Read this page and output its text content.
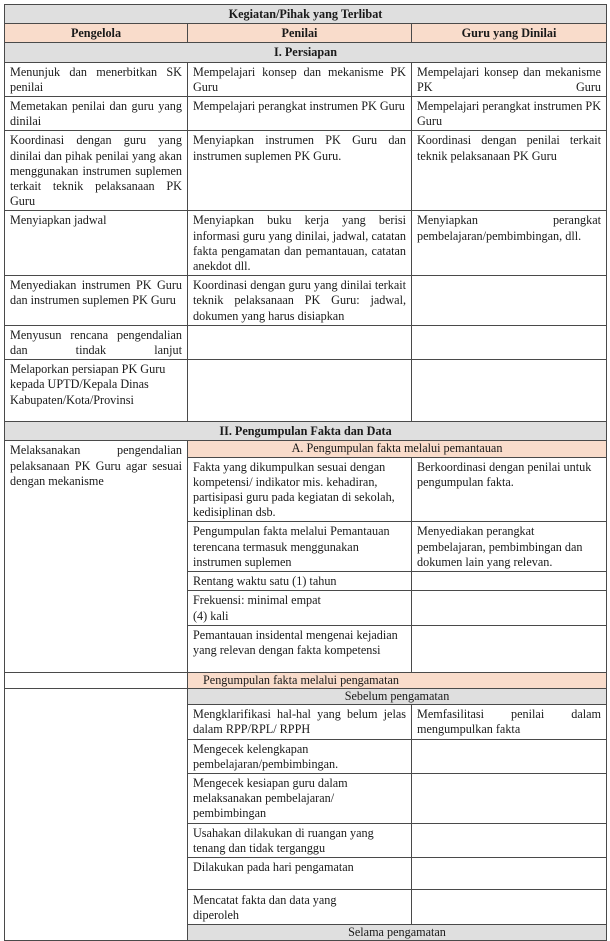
Kegiatan/Pihak yang Terlibat		
Pengelola	Penilai	Guru yang Dinilai
I. Persiapan		
Menunjuk dan menerbitkan SK penilai	Mempelajari konsep dan mekanisme PK Guru	Mempelajari konsep dan mekanisme PK Guru
Memetakan penilai dan guru yang dinilai	Mempelajari perangkat instrumen PK Guru	Mempelajari perangkat instrumen PK Guru
Koordinasi dengan guru yang dinilai dan pihak penilai yang akan menggunakan instrumen suplemen terkait teknik pelaksanaan PK Guru	Menyiapkan instrumen PK Guru dan instrumen suplemen PK Guru.	Koordinasi dengan penilai terkait teknik pelaksanaan PK Guru
Menyiapkan jadwal	Menyiapkan buku kerja yang berisi informasi guru yang dinilai, jadwal, catatan fakta pengamatan dan pemantauan, catatan anekdot dll.	Menyiapkan perangkat pembelajaran/pembimbingan, dll.
Menyediakan instrumen PK Guru dan instrumen suplemen PK Guru	Koordinasi dengan guru yang dinilai terkait teknik pelaksanaan PK Guru: jadwal, dokumen yang harus disiapkan	
Menyusun rencana pengendalian dan tindak lanjut		
Melaporkan persiapan PK Guru kepada UPTD/Kepala Dinas Kabupaten/Kota/Provinsi		
II. Pengumpulan Fakta dan Data		
Melaksanakan pengendalian pelaksanaan PK Guru agar sesuai dengan mekanisme	A. Pengumpulan fakta melalui pemantauan	
	Fakta yang dikumpulkan sesuai dengan kompetensi/ indikator mis. kehadiran, partisipasi guru pada kegiatan di sekolah, kedisiplinan dsb.	Berkoordinasi dengan penilai untuk pengumpulan fakta.
	Pengumpulan fakta melalui Pemantauan terencana termasuk menggunakan instrumen suplemen	Menyediakan perangkat pembelajaran, pembimbingan dan dokumen lain yang relevan.
	Rentang waktu satu (1) tahun	
	Frekuensi: minimal empat (4) kali	
	Pemantauan insidental mengenai kejadian yang relevan dengan fakta kompetensi	
	Pengumpulan fakta melalui pengamatan	
	Sebelum pengamatan	
	Mengklarifikasi hal-hal yang belum jelas dalam RPP/RPL/ RPPH	Memfasilitasi penilai dalam mengumpulkan fakta
	Mengecek kelengkapan pembelajaran/pembimbingan.	
	Mengecek kesiapan guru dalam melaksanakan pembelajaran/ pembimbingan	
	Usahakan dilakukan di ruangan yang tenang dan tidak terganggu	
	Dilakukan pada hari pengamatan	
	Mencatat fakta dan data yang diperoleh	
	Selama pengamatan	
